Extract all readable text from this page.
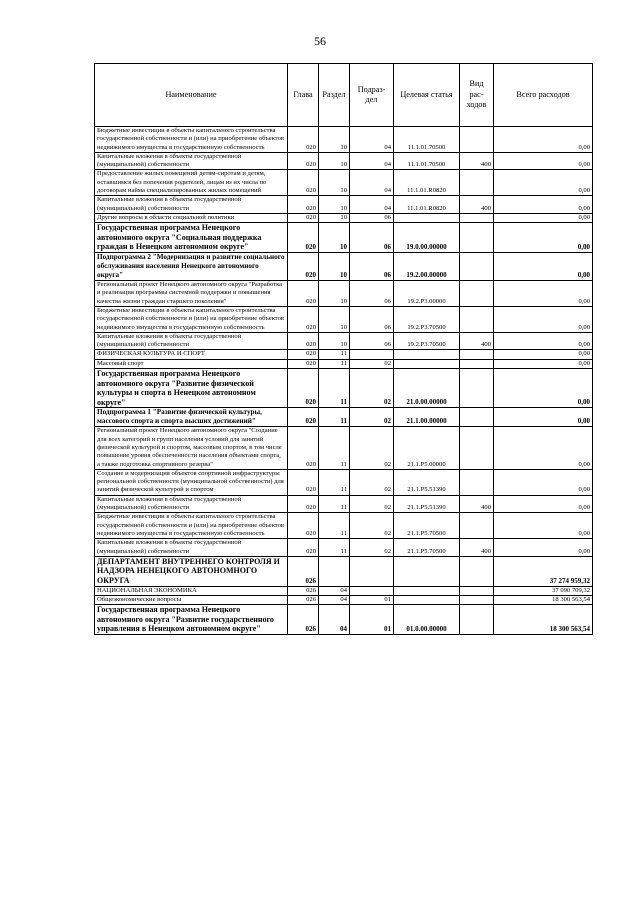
56
Наименование	Глава	Раздел	Подраз-дел	Целевая статья	Вид рас-ходов	Всего расходов
Бюджетные инвестиции в объекты капитального строительства государственной собственности и (или) на приобретение объектов недвижимого имущества в государственную собственность	020	10	04	11.1.01.70500		0,00
Капитальные вложения в объекты государственной (муниципальной) собственности	020	10	04	11.1.01.70500	400	0,00
Предоставление жилых помещений детям-сиротам и детям, оставшимся без попечения родителей, лицам из их числа по договорам найма специализированных жилых помещений	020	10	04	11.1.01.R0820		0,00
Капитальные вложения в объекты государственной (муниципальной) собственности	020	10	04	11.1.01.R0820	400	0,00
Другие вопросы в области социальной политики	020	10	06			0,00
Государственная программа Ненецкого автономного округа "Социальная поддержка граждан в Ненецком автономном округе"	020	10	06	19.0.00.00000		0,00
Подпрограмма 2 "Модернизация и развитие социального обслуживания населения Ненецкого автономного округа"	020	10	06	19.2.00.00000		0,00
Региональный проект Ненецкого автономного округа "Разработка и реализация программы системной поддержки и повышения качества жизни граждан старшего поколения"	020	10	06	19.2.P3.00000		0,00
Бюджетные инвестиции в объекты капитального строительства государственной собственности и (или) на приобретение объектов недвижимого имущества в государственную собственность	020	10	06	19.2.P3.70500		0,00
Капитальные вложения в объекты государственной (муниципальной) собственности	020	10	06	19.2.P3.70500	400	0,00
ФИЗИЧЕСКАЯ КУЛЬТУРА И СПОРТ	020	11				0,00
Массовый спорт	020	11	02			0,00
Государственная программа Ненецкого автономного округа "Развитие физической культуры и спорта в Ненецком автономном округе"	020	11	02	21.0.00.00000		0,00
Подпрограмма 1 "Развитие физической культуры, массового спорта и спорта высших достижений"	020	11	02	21.1.00.00000		0,00
Региональный проект Ненецкого автономного округа "Создание для всех категорий и групп населения условий для занятий физической культурой и спортом, массовым спортом, в том числе повышение уровня обеспеченности населения объектами спорта, а также подготовка спортивного резерва"	020	11	02	21.1.P5.00000		0,00
Создание и модернизация объектов спортивной инфраструктуры региональной собственности (муниципальной собственности) для занятий физической культурой и спортом	020	11	02	21.1.P5.51390		0,00
Капитальные вложения в объекты государственной (муниципальной) собственности	020	11	02	21.1.P5.51390	400	0,00
Бюджетные инвестиции в объекты капитального строительства государственной собственности и (или) на приобретение объектов недвижимого имущества в государственную собственность	020	11	02	21.1.P5.70500		0,00
Капитальные вложения в объекты государственной (муниципальной) собственности	020	11	02	21.1.P5.70500	400	0,00
ДЕПАРТАМЕНТ ВНУТРЕННЕГО КОНТРОЛЯ И НАДЗОРА НЕНЕЦКОГО АВТОНОМНОГО ОКРУГА	026					37 274 959,32
НАЦИОНАЛЬНАЯ ЭКОНОМИКА	026	04				37 090 709,32
Общеэкономические вопросы	026	04	01			18 300 563,54
Государственная программа Ненецкого автономного округа "Развитие государственного управления в Ненецком автономном округе"	026	04	01	01.0.00.00000		18 300 563,54
